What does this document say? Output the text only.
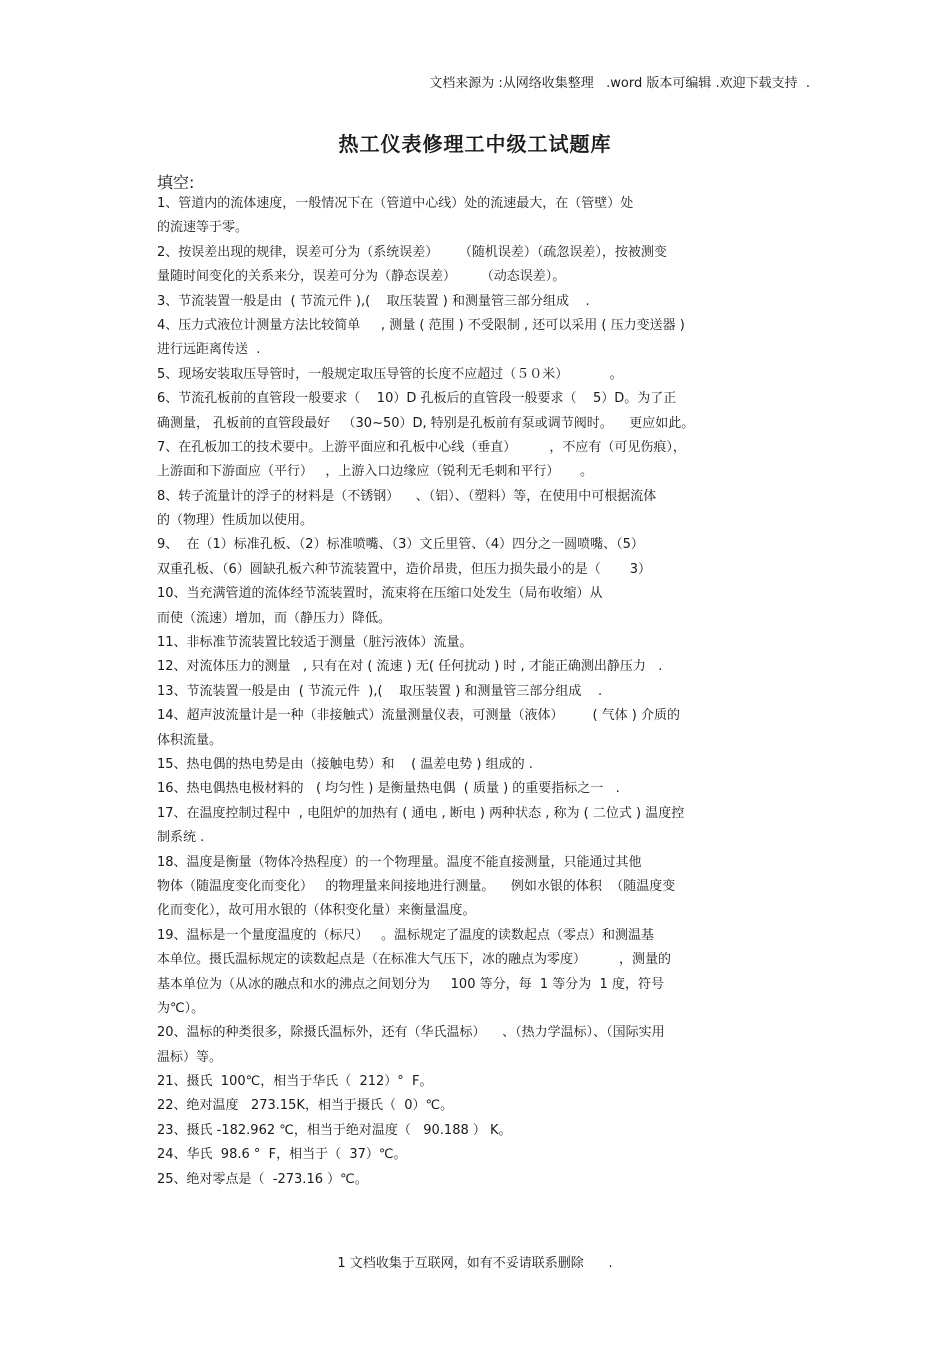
文档来源为 :从网络收集整理   .word 版本可编辑 .欢迎下载支持  .
热工仪表修理工中级工试题库
填空:
1、管道内的流体速度，一般情况下在（管道中心线）处的流速最大，在（管壁）处
的流速等于零。
2、按误差出现的规律，误差可分为（系统误差）     （随机误差）（疏忽误差），按被测变
量随时间变化的关系来分，误差可分为（静态误差）      （动态误差）。
3、节流装置一般是由  ( 节流元件 ),(    取压装置 ) 和测量管三部分组成    .
4、压力式液位计测量方法比较简单     , 测量 ( 范围 ) 不受限制 , 还可以采用 ( 压力变送器 )
进行远距离传送  .
5、现场安装取压导管时，一般规定取压导管的长度不应超过（５０米）          。
6、节流孔板前的直管段一般要求（    10）D 孔板后的直管段一般要求（    5）D。为了正
确测量， 孔板前的直管段最好   （30~50）D, 特别是孔板前有泵或调节阀时。    更应如此。
7、在孔板加工的技术要中。上游平面应和孔板中心线（垂直）        ，不应有（可见伤痕），
上游面和下游面应（平行）   ，上游入口边缘应（锐利无毛刺和平行）     。
8、转子流量计的浮子的材料是（不锈钢）    、（铝）、（塑料）等，在使用中可根据流体
的（物理）性质加以使用。
9、  在（1）标准孔板、（2）标准喷嘴、（3）文丘里管、（4）四分之一圆喷嘴、（5）
双重孔板、（6）圆缺孔板六种节流装置中，造价昂贵，但压力损失最小的是（       3）
10、当充满管道的流体经节流装置时，流束将在压缩口处发生（局布收缩）从
而使（流速）增加，而（静压力）降低。
11、非标准节流装置比较适于测量（脏污液体）流量。
12、对流体压力的测量   , 只有在对 ( 流速 ) 无( 任何扰动 ) 时 , 才能正确测出静压力   .
13、节流装置一般是由  ( 节流元件  ),(    取压装置 ) 和测量管三部分组成    .
14、超声波流量计是一种（非接触式）流量测量仪表，可测量（液体）       ( 气体 ) 介质的
体积流量。
15、热电偶的热电势是由（接触电势）和    ( 温差电势 ) 组成的 .
16、热电偶热电极材料的   ( 均匀性 ) 是衡量热电偶  ( 质量 ) 的重要指标之一   .
17、在温度控制过程中  , 电阻炉的加热有 ( 通电 , 断电 ) 两种状态 , 称为 ( 二位式 ) 温度控
制系统 .
18、温度是衡量（物体冷热程度）的一个物理量。温度不能直接测量，只能通过其他
物体（随温度变化而变化）   的物理量来间接地进行测量。    例如水银的体积  （随温度变
化而变化），故可用水银的（体积变化量）来衡量温度。
19、温标是一个量度温度的（标尺）   。温标规定了温度的读数起点（零点）和测温基
本单位。摄氏温标规定的读数起点是（在标准大气压下，冰的融点为零度）        ，测量的
基本单位为（从冰的融点和水的沸点之间划分为     100 等分，每  1 等分为  1 度，符号
为℃）。
20、温标的种类很多，除摄氏温标外，还有（华氏温标）    、（热力学温标）、（国际实用
温标）等。
21、摄氏  100℃，相当于华氏（  212）°  F。
22、绝对温度   273.15K，相当于摄氏（  0）℃。
23、摄氏 -182.962 ℃，相当于绝对温度（   90.188 ） K。
24、华氏  98.6 °  F，相当于（  37）℃。
25、绝对零点是（  -273.16 ）℃。
1 文档收集于互联网，如有不妥请联系删除      .
